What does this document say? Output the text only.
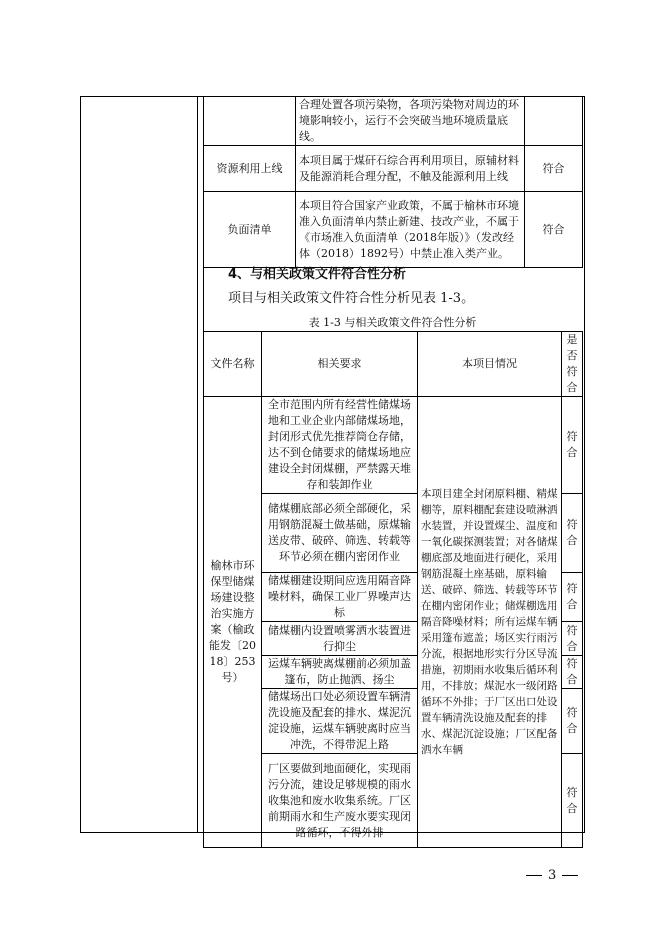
	合理处置各项污染物，各项污染物对周边的环境影响较小，运行不会突破当地环境质量底线。	
资源利用上线	本项目属于煤矸石综合再利用项目，原辅材料及能源消耗合理分配，不触及能源利用上线	符合
负面清单	本项目符合国家产业政策，不属于榆林市环境准入负面清单内禁止新建、技改产业，不属于《市场准入负面清单（2018年版）》（发改经体（2018）1892号）中禁止准入类产业。	符合
4、与相关政策文件符合性分析
项目与相关政策文件符合性分析见表 1-3。
表 1-3 与相关政策文件符合性分析
文件名称	相关要求	本项目情况	是否符合
榆林市环保型储煤场建设整治实施方案（榆政能发〔2018〕253号）	全市范围内所有经营性储煤场地和工业企业内部储煤场地，封闭形式优先推荐筒仓存储，达不到仓储要求的储煤场地应建设全封闭煤棚，严禁露天堆存和装卸作业	本项目建全封闭原料棚、精煤棚等，原料棚配套建设喷淋洒水装置，并设置煤尘、温度和一氧化碳探测装置；对各储煤棚底部及地面进行硬化，采用钢筋混凝土座基础，原料输送、破碎、筛选、转载等环节在棚内密闭作业；储煤棚选用隔音降噪材料；所有运煤车辆采用篷布遮盖；场区实行雨污分流，根据地形实行分区导流措施，初期雨水收集后循环利用，不排放；煤泥水一级闭路循环不外排；于厂区出口处设置车辆清洗设施及配套的排水、煤泥沉淀设施；厂区配备洒水车辆	符合
	储煤棚底部必须全部硬化，采用钢筋混凝土做基础，原煤输送皮带、破碎、筛选、转载等环节必须在棚内密闭作业		符合
	储煤棚建设期间应选用隔音降噪材料，确保工业厂界噪声达标		符合
	储煤棚内设置喷雾洒水装置进行抑尘		符合
	运煤车辆驶离煤棚前必须加盖篷布，防止抛洒、扬尘		符合
	储煤场出口处必须设置车辆清洗设施及配套的排水、煤泥沉淀设施，运煤车辆驶离时应当冲洗，不得带泥上路		符合
	厂区要做到地面硬化，实现雨污分流，建设足够规模的雨水收集池和废水收集系统。厂区前期雨水和生产废水要实现闭路循环，不得外排		符合
3
